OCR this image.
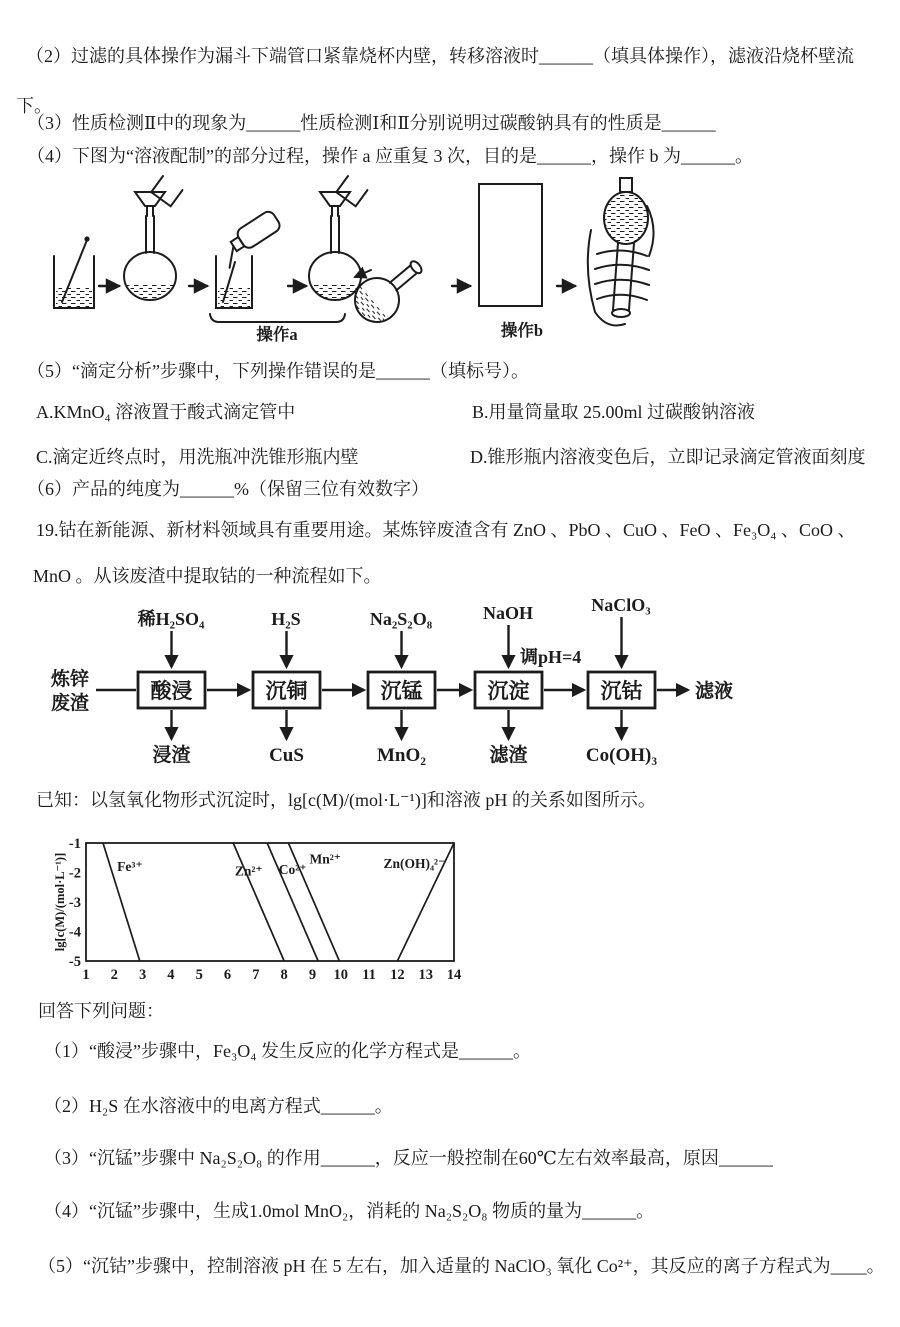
（2）过滤的具体操作为漏斗下端管口紧靠烧杯内壁，转移溶液时______（填具体操作），滤液沿烧杯壁流

下。

（3）性质检测Ⅱ中的现象为______性质检测Ⅰ和Ⅱ分别说明过碳酸钠具有的性质是______

（4）下图为“溶液配制”的部分过程，操作 a 应重复 3 次，目的是______，操作 b 为______。

操作a	操作b

（5）“滴定分析”步骤中，下列操作错误的是______（填标号）。

A.KMnO₄ 溶液置于酸式滴定管中	B.用量筒量取 25.00ml 过碳酸钠溶液

C.滴定近终点时，用洗瓶冲洗锥形瓶内壁	D.锥形瓶内溶液变色后，立即记录滴定管液面刻度

（6）产品的纯度为______%（保留三位有效数字）

19.钴在新能源、新材料领域具有重要用途。某炼锌废渣含有 ZnO 、PbO 、CuO 、FeO 、Fe₃O₄ 、CoO 、

MnO 。从该废渣中提取钴的一种流程如下。

炼锌
废渣
酸浸	沉铜	沉锰	沉淀	沉钴	滤液
稀H₂SO₄	H₂S	Na₂S₂O₈	NaOH	NaClO₃
调pH=4
浸渣	CuS	MnO₂	滤渣	Co(OH)₃

已知：以氢氧化物形式沉淀时，lg[c(M)/(mol·L⁻¹)]和溶液 pH 的关系如图所示。

lg[c(M)/(mol·L⁻¹)]
1 2 3 4 5 6 7 8 9 10 11 12 13 14
-1
-2
-3
-4
-5
Fe³⁺	Zn²⁺ Co²⁺
Mn²⁺	Zn(OH)₄²⁻

回答下列问题：

（1）“酸浸”步骤中，Fe₃O₄ 发生反应的化学方程式是______。

（2）H₂S 在水溶液中的电离方程式______。

（3）“沉锰”步骤中 Na₂S₂O₈ 的作用______，反应一般控制在60℃左右效率最高，原因______

（4）“沉锰”步骤中，生成1.0mol MnO₂，消耗的 Na₂S₂O₈ 物质的量为______。

（5）“沉钴”步骤中，控制溶液 pH 在 5 左右，加入适量的 NaClO₃ 氧化 Co²⁺，其反应的离子方程式为____。
